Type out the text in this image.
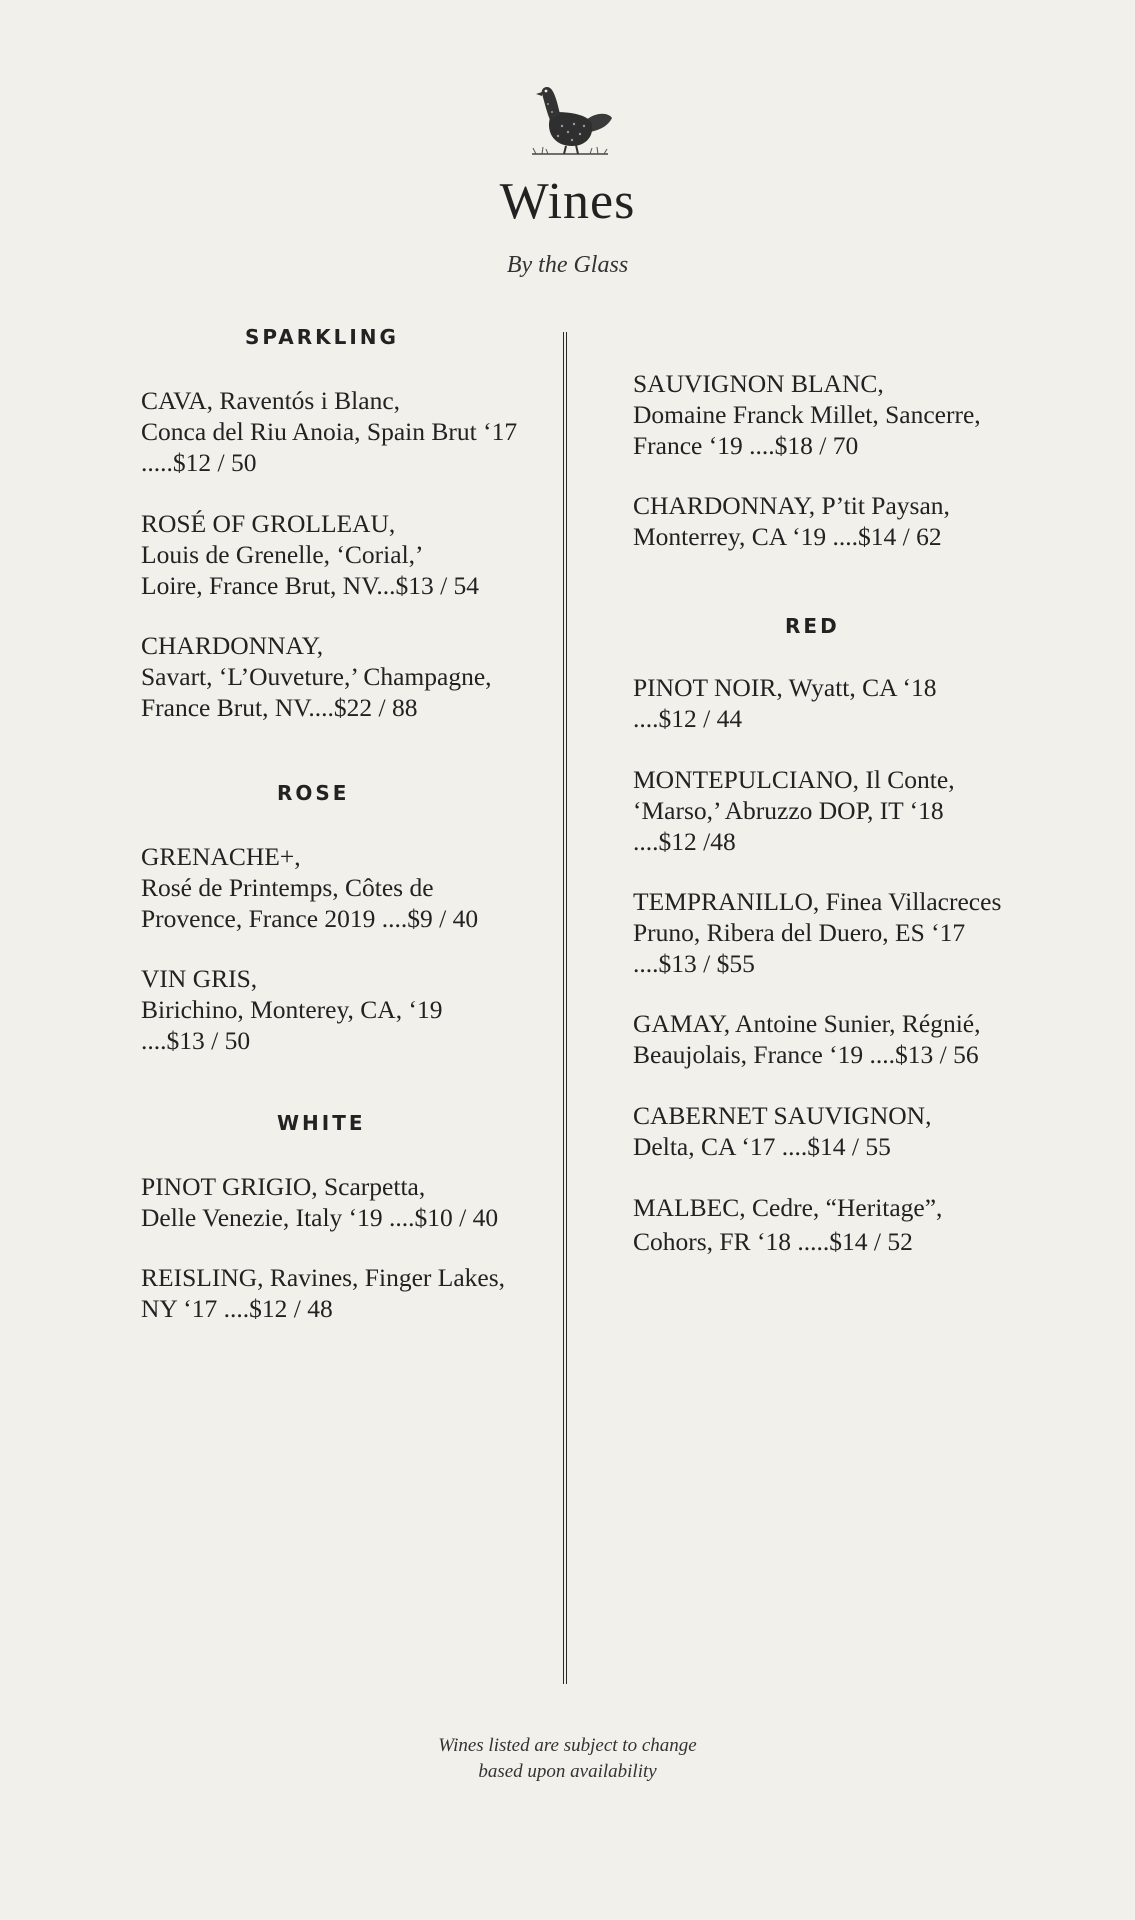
Wines
By the Glass
SPARKLING
CAVA, Raventós i Blanc,
Conca del Riu Anoia, Spain Brut ‘17
.....$12 / 50
ROSÉ OF GROLLEAU,
Louis de Grenelle, ‘Corial,’
Loire, France Brut, NV...$13 / 54
CHARDONNAY,
Savart, ‘L’Ouveture,’ Champagne,
France Brut, NV....$22 / 88
ROSE
GRENACHE+,
Rosé de Printemps, Côtes de
Provence, France 2019 ....$9 / 40
VIN GRIS,
Birichino, Monterey, CA, ‘19
....$13 / 50
WHITE
PINOT GRIGIO, Scarpetta,
Delle Venezie, Italy ‘19 ....$10 / 40
REISLING, Ravines, Finger Lakes,
NY ‘17 ....$12 / 48
SAUVIGNON BLANC,
Domaine Franck Millet, Sancerre,
France ‘19 ....$18 / 70
CHARDONNAY, P’tit Paysan,
Monterrey, CA ‘19 ....$14 / 62
RED
PINOT NOIR, Wyatt, CA ‘18
....$12 / 44
MONTEPULCIANO, Il Conte,
‘Marso,’ Abruzzo DOP, IT ‘18
....$12 /48
TEMPRANILLO, Finea Villacreces
Pruno, Ribera del Duero, ES ‘17
....$13 / $55
GAMAY, Antoine Sunier, Régnié,
Beaujolais, France ‘19 ....$13 / 56
CABERNET SAUVIGNON,
Delta, CA ‘17 ....$14 / 55
MALBEC, Cedre, “Heritage”,
Cohors, FR ‘18 .....$14 / 52
Wines listed are subject to change
based upon availability
